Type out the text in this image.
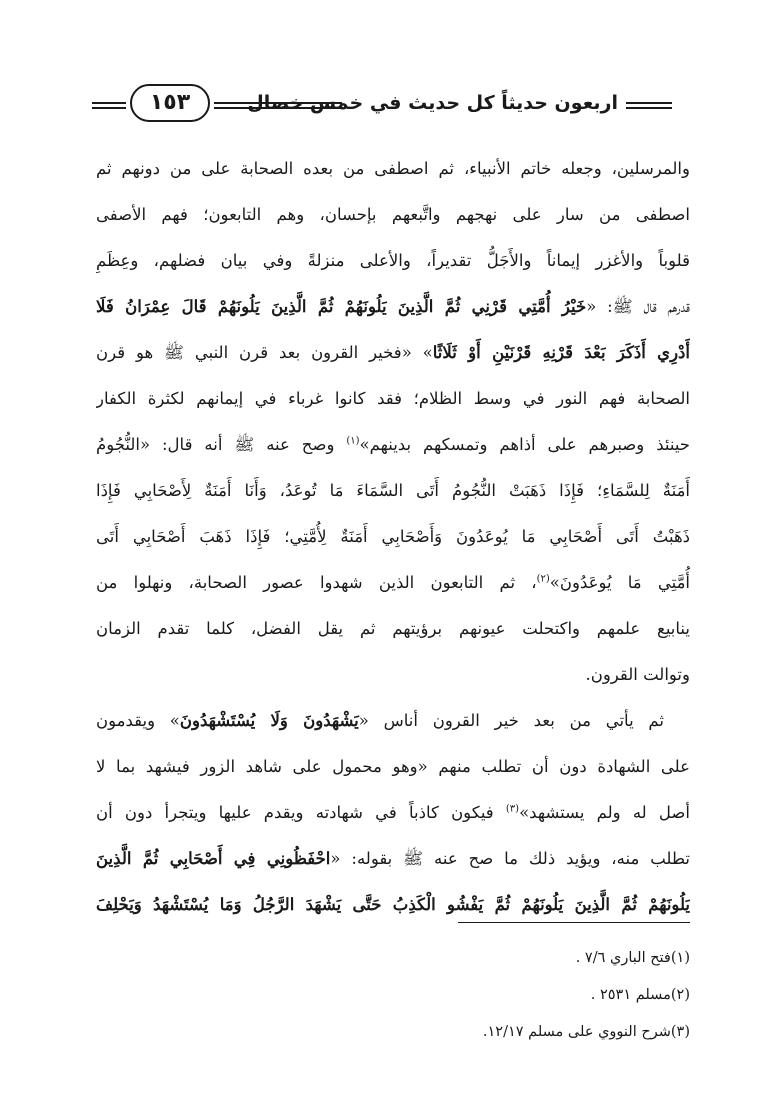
اربعون حديثاً كل حديث في خمس خصال
١٥٣
والمرسلين، وجعله خاتم الأنبياء، ثم اصطفى من بعده الصحابة على من دونهم ثم
اصطفى من سار على نهجهم واتَّبعهم بإحسان، وهم التابعون؛ فهم الأصفى
قلوباً والأغزر إيماناً والأَجَلُّ تقديراً، والأعلى منزلةً وفي بيان فضلهم، وعِظَمِ
قدرهم قال ﷺ: «خَيْرُ أُمَّتِي قَرْنِي ثُمَّ الَّذِينَ يَلُونَهُمْ ثُمَّ الَّذِينَ يَلُونَهُمْ قَالَ عِمْرَانُ فَلَا
أَدْرِي أَذَكَرَ بَعْدَ قَرْنِهِ قَرْنَيْنِ أَوْ ثَلَاثًا» «فخير القرون بعد قرن النبي ﷺ هو قرن
الصحابة فهم النور في وسط الظلام؛ فقد كانوا غرباء في إيمانهم لكثرة الكفار
حينئذ وصبرهم على أذاهم وتمسكهم بدينهم»$^{(١)}$ وصح عنه ﷺ أنه قال: «النُّجُومُ
أَمَنَةٌ لِلسَّمَاءِ؛ فَإِذَا ذَهَبَتْ النُّجُومُ أَتَى السَّمَاءَ مَا تُوعَدُ، وَأَنَا أَمَنَةٌ لِأَصْحَابِي فَإِذَا
ذَهَبْتُ أَتَى أَصْحَابِي مَا يُوعَدُونَ وَأَصْحَابِي أَمَنَةٌ لِأُمَّتِي؛ فَإِذَا ذَهَبَ أَصْحَابِي أَتَى
أُمَّتِي مَا يُوعَدُونَ»$^{(٢)}$، ثم التابعون الذين شهدوا عصور الصحابة، ونهلوا من
ينابيع علمهم واكتحلت عيونهم برؤيتهم ثم يقل الفضل، كلما تقدم الزمان
وتوالت القرون.
ثم يأتي من بعد خير القرون أناس «يَشْهَدُونَ وَلَا يُسْتَشْهَدُونَ» ويقدمون
على الشهادة دون أن تطلب منهم «وهو محمول على شاهد الزور فيشهد بما لا
أصل له ولم يستشهد»$^{(٣)}$ فيكون كاذباً في شهادته ويقدم عليها ويتجرأ دون أن
تطلب منه، ويؤيد ذلك ما صح عنه ﷺ بقوله: «احْفَظُونِي فِي أَصْحَابِي ثُمَّ الَّذِينَ
يَلُونَهُمْ ثُمَّ الَّذِينَ يَلُونَهُمْ ثُمَّ يَفْشُو الْكَذِبُ حَتَّى يَشْهَدَ الرَّجُلُ وَمَا يُسْتَشْهَدُ وَيَحْلِفَ
(١)فتح الباري ٧/٦ .
(٢)مسلم ٢٥٣١ .
(٣)شرح النووي على مسلم ١٢/١٧.
